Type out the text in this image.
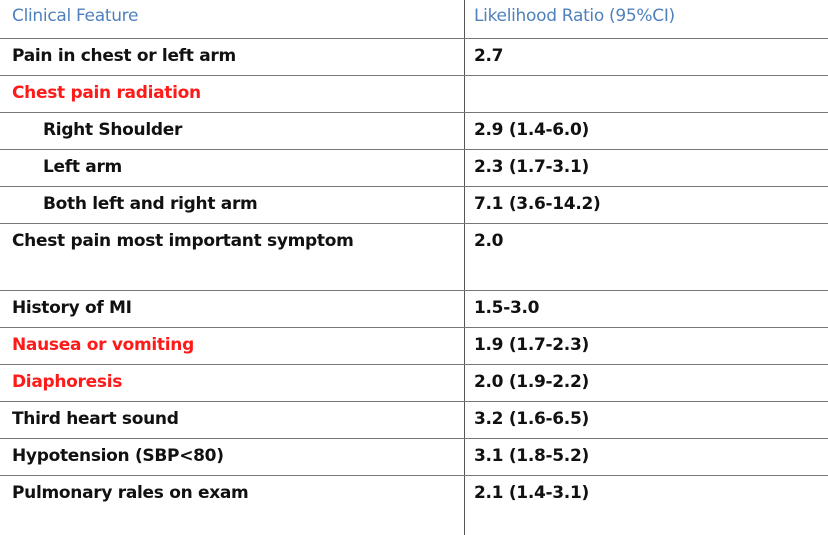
Clinical Feature	Likelihood Ratio (95%CI)
Pain in chest or left arm	2.7
Chest pain radiation
Right Shoulder	2.9 (1.4-6.0)
Left arm	2.3 (1.7-3.1)
Both left and right arm	7.1 (3.6-14.2)
Chest pain most important symptom	2.0
History of MI	1.5-3.0
Nausea or vomiting	1.9 (1.7-2.3)
Diaphoresis	2.0 (1.9-2.2)
Third heart sound	3.2 (1.6-6.5)
Hypotension (SBP<80)	3.1 (1.8-5.2)
Pulmonary rales on exam	2.1 (1.4-3.1)
